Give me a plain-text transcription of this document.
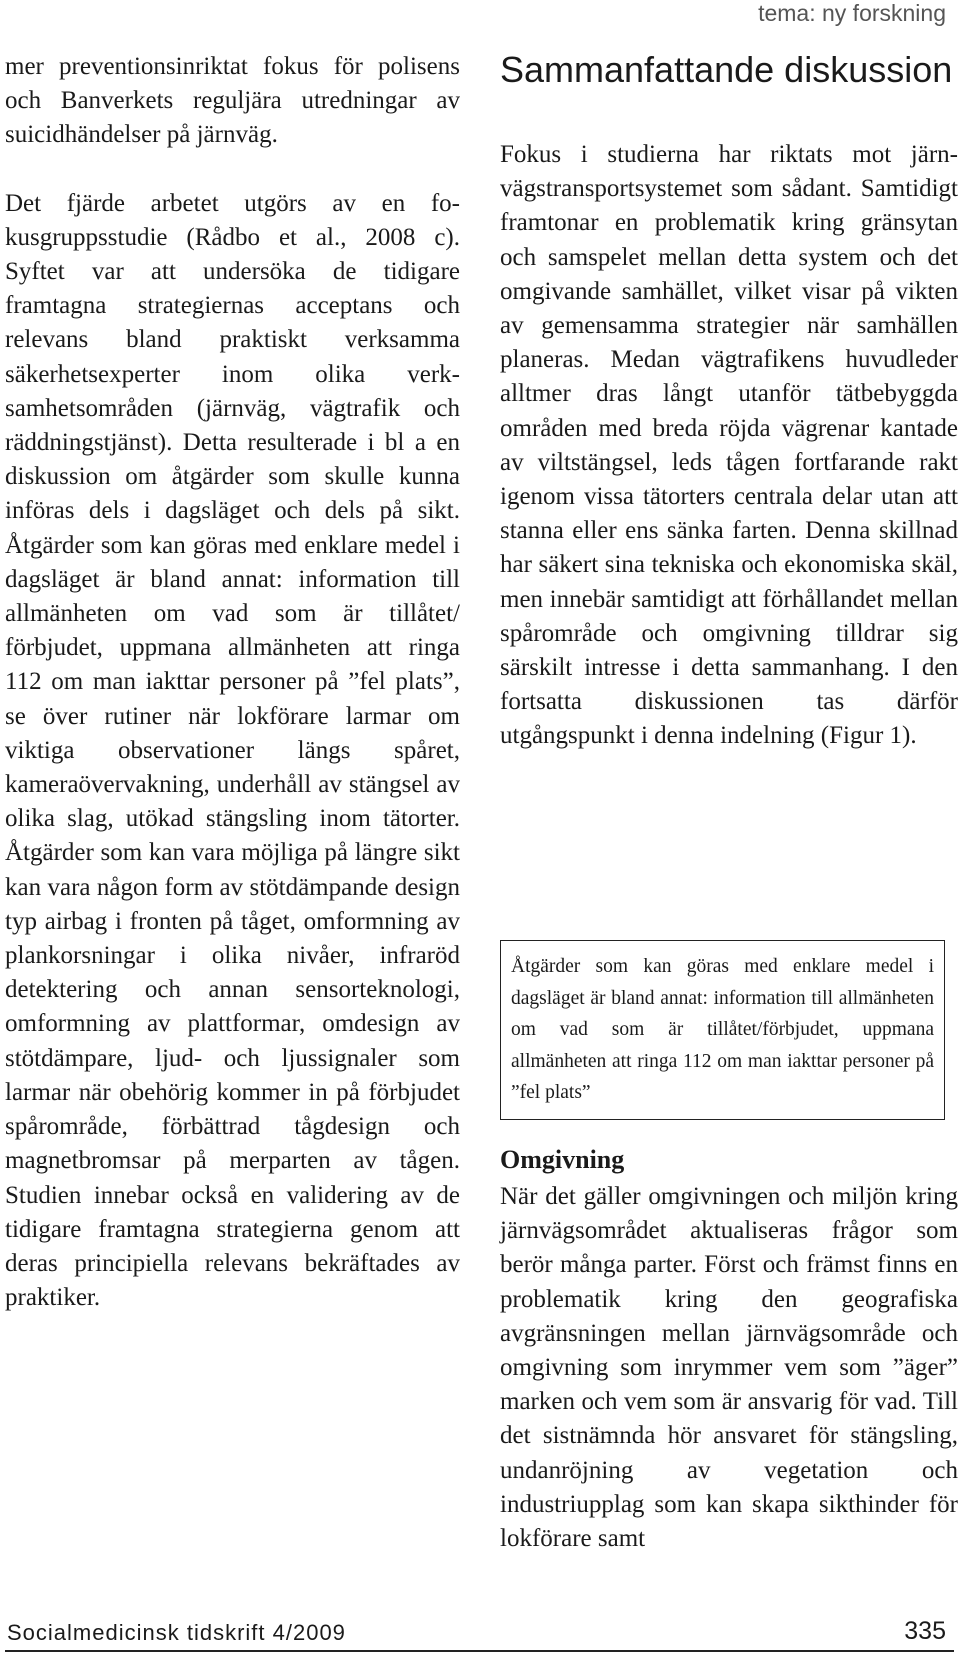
tema: ny forskning

mer preventionsinriktat fokus för polisens och Banverkets reguljära utredningar av suicidhändelser på järnväg.

Det fjärde arbetet utgörs av en fokusgruppsstudie (Rådbo et al., 2008 c). Syftet var att undersöka de tidigare framtagna strategiernas acceptans och relevans bland praktiskt verksamma säkerhetsexperter inom olika verksamhetsområden (järnväg, vägtrafik och räddningstjänst). Detta resulterade i bl a en diskussion om åtgärder som skulle kunna införas dels i dagsläget och dels på sikt. Åtgärder som kan göras med enklare medel i dagsläget är bland annat: information till allmänheten om vad som är tillåtet/ förbjudet, uppmana allmänheten att ringa 112 om man iakttar personer på ”fel plats”, se över rutiner när lokförare larmar om viktiga observationer längs spåret, kameraövervakning, underhåll av stängsel av olika slag, utökad stängsling inom tätorter. Åtgärder som kan vara möjliga på längre sikt kan vara någon form av stötdämpande design typ airbag i fronten på tåget, omformning av plankorsningar i olika nivåer, infraröd detektering och annan sensorteknologi, omformning av plattformar, omdesign av stötdämpare, ljud- och ljussignaler som larmar när obehörig kommer in på förbjudet spårområde, förbättrad tågdesign och magnetbromsar på merparten av tågen. Studien innebar också en validering av de tidigare framtagna strategierna genom att deras principiella relevans bekräftades av praktiker.

Sammanfattande diskussion

Fokus i studierna har riktats mot järnvägstransportsystemet som sådant. Samtidigt framtonar en problematik kring gränsytan och samspelet mellan detta system och det omgivande samhället, vilket visar på vikten av gemensamma strategier när samhällen planeras. Medan vägtrafikens huvudleder alltmer dras långt utanför tätbebyggda områden med breda röjda vägrenar kantade av viltstängsel, leds tågen fortfarande rakt igenom vissa tätorters centrala delar utan att stanna eller ens sänka farten. Denna skillnad har säkert sina tekniska och ekonomiska skäl, men innebär samtidigt att förhållandet mellan spårområde och omgivning tilldrar sig särskilt intresse i detta sammanhang. I den fortsatta diskussionen tas därför utgångspunkt i denna indelning (Figur 1).

Åtgärder som kan göras med enklare medel i dagsläget är bland annat: information till allmänheten om vad som är tillåtet/förbjudet, uppmana allmänheten att ringa 112 om man iakttar personer på ”fel plats”
Omgivning

När det gäller omgivningen och miljön kring järnvägsområdet aktualiseras frågor som berör många parter. Först och främst finns en problematik kring den geografiska avgränsningen mellan järnvägsområde och omgivning som inrymmer vem som ”äger” marken och vem som är ansvarig för vad. Till det sistnämnda hör ansvaret för stängsling, undanröjning av vegetation och industriupplag som kan skapa sikthinder för lokförare samt

Socialmedicinsk tidskrift 4/2009	335
